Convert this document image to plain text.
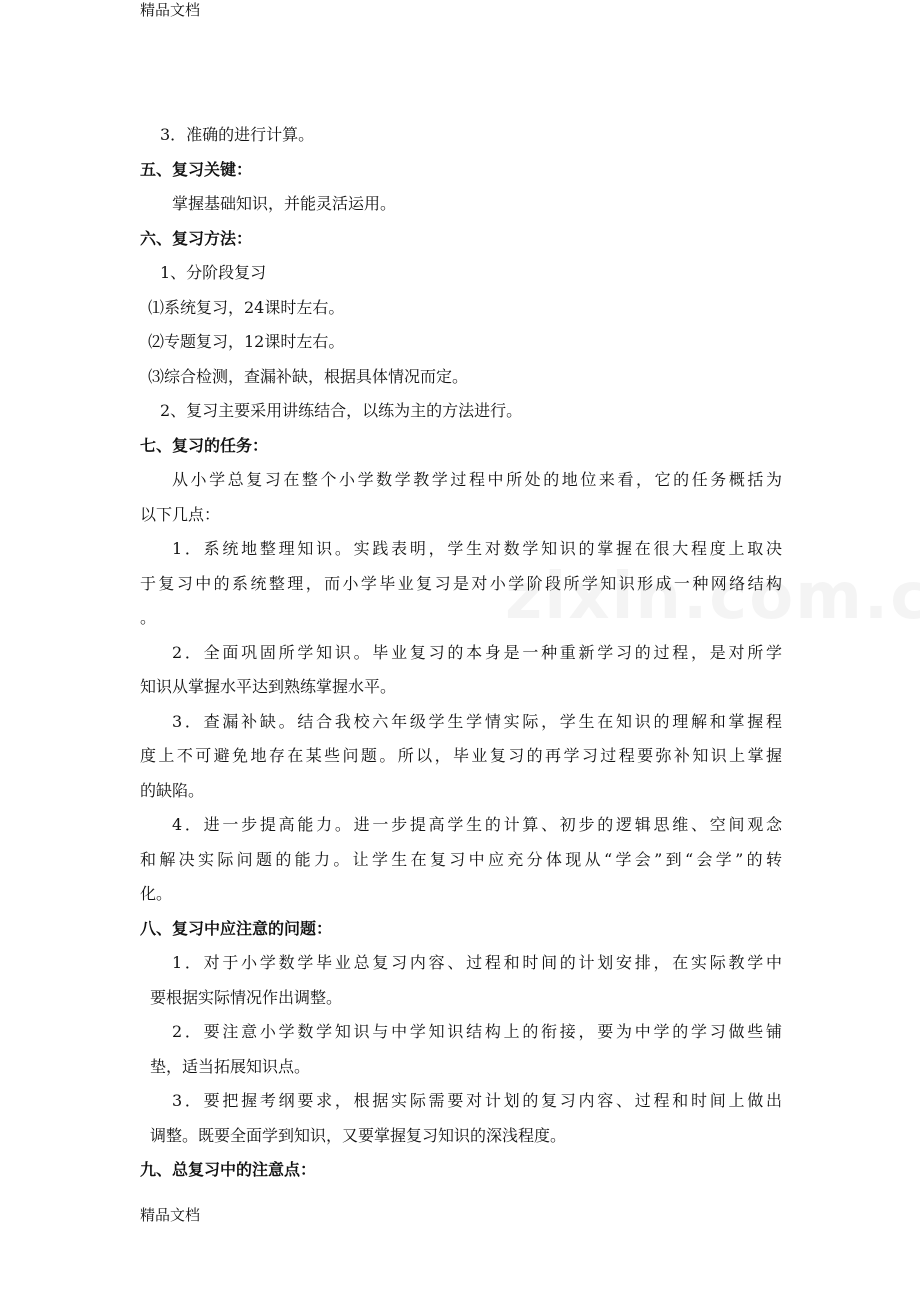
精品文档
3．准确的进行计算。
五、复习关键：
掌握基础知识，并能灵活运用。
六、复习方法：
1、分阶段复习
⑴系统复习，24课时左右。
⑵专题复习，12课时左右。
⑶综合检测，查漏补缺，根据具体情况而定。
2、复习主要采用讲练结合，以练为主的方法进行。
七、复习的任务：
从小学总复习在整个小学数学教学过程中所处的地位来看，它的任务概括为
以下几点：
1．系统地整理知识。实践表明，学生对数学知识的掌握在很大程度上取决
于复习中的系统整理，而小学毕业复习是对小学阶段所学知识形成一种网络结构
。
2．全面巩固所学知识。毕业复习的本身是一种重新学习的过程，是对所学
知识从掌握水平达到熟练掌握水平。
3．查漏补缺。结合我校六年级学生学情实际，学生在知识的理解和掌握程
度上不可避免地存在某些问题。所以，毕业复习的再学习过程要弥补知识上掌握
的缺陷。
4．进一步提高能力。进一步提高学生的计算、初步的逻辑思维、空间观念
和解决实际问题的能力。让学生在复习中应充分体现从“学会”到“会学”的转
化。
八、复习中应注意的问题：
1．对于小学数学毕业总复习内容、过程和时间的计划安排，在实际教学中
要根据实际情况作出调整。
2．要注意小学数学知识与中学知识结构上的衔接，要为中学的学习做些铺
垫，适当拓展知识点。
3．要把握考纲要求，根据实际需要对计划的复习内容、过程和时间上做出
调整。既要全面学到知识，又要掌握复习知识的深浅程度。
九、总复习中的注意点：
精品文档
